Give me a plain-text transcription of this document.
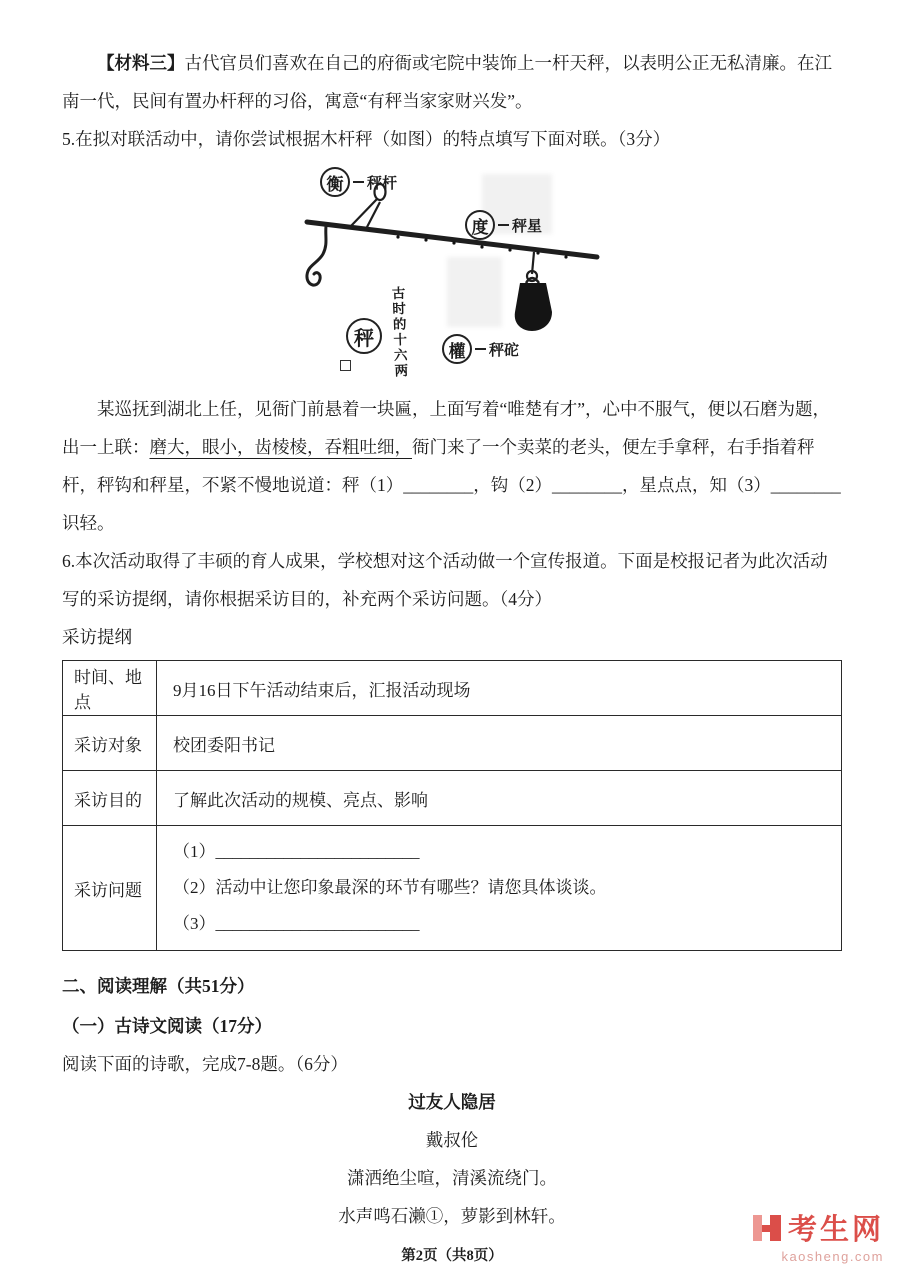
【材料三】古代官员们喜欢在自己的府衙或宅院中装饰上一杆天秤，以表明公正无私清廉。在江南一代，民间有置办杆秤的习俗，寓意“有秤当家家财兴发”。

5.在拟对联活动中，请你尝试根据木杆秤（如图）的特点填写下面对联。（3分）

衡	秤杆
度	秤星
權	秤砣
秤	古时的十六两

某巡抚到湖北上任，见衙门前悬着一块匾，上面写着“唯楚有才”，心中不服气，便以石磨为题，出一上联：磨大，眼小，齿棱棱，吞粗吐细，衙门来了一个卖菜的老头，便左手拿秤，右手指着秤杆，秤钩和秤星，不紧不慢地说道：秤（1）________，钩（2）________，星点点，知（3）________识轻。

6.本次活动取得了丰硕的育人成果，学校想对这个活动做一个宣传报道。下面是校报记者为此次活动写的采访提纲，请你根据采访目的，补充两个采访问题。（4分）

采访提纲

时间、地点	9月16日下午活动结束后，汇报活动现场
采访对象	校团委阳书记
采访目的	了解此次活动的规模、亮点、影响
采访问题	（1）________________________
（2）活动中让您印象最深的环节有哪些？请您具体谈谈。
（3）________________________

二、阅读理解（共51分）

（一）古诗文阅读（17分）

阅读下面的诗歌，完成7-8题。（6分）

过友人隐居

戴叔伦

潇洒绝尘喧，清溪流绕门。

水声鸣石濑①，萝影到林轩。

第2页（共8页）

考生网
kaosheng.com
